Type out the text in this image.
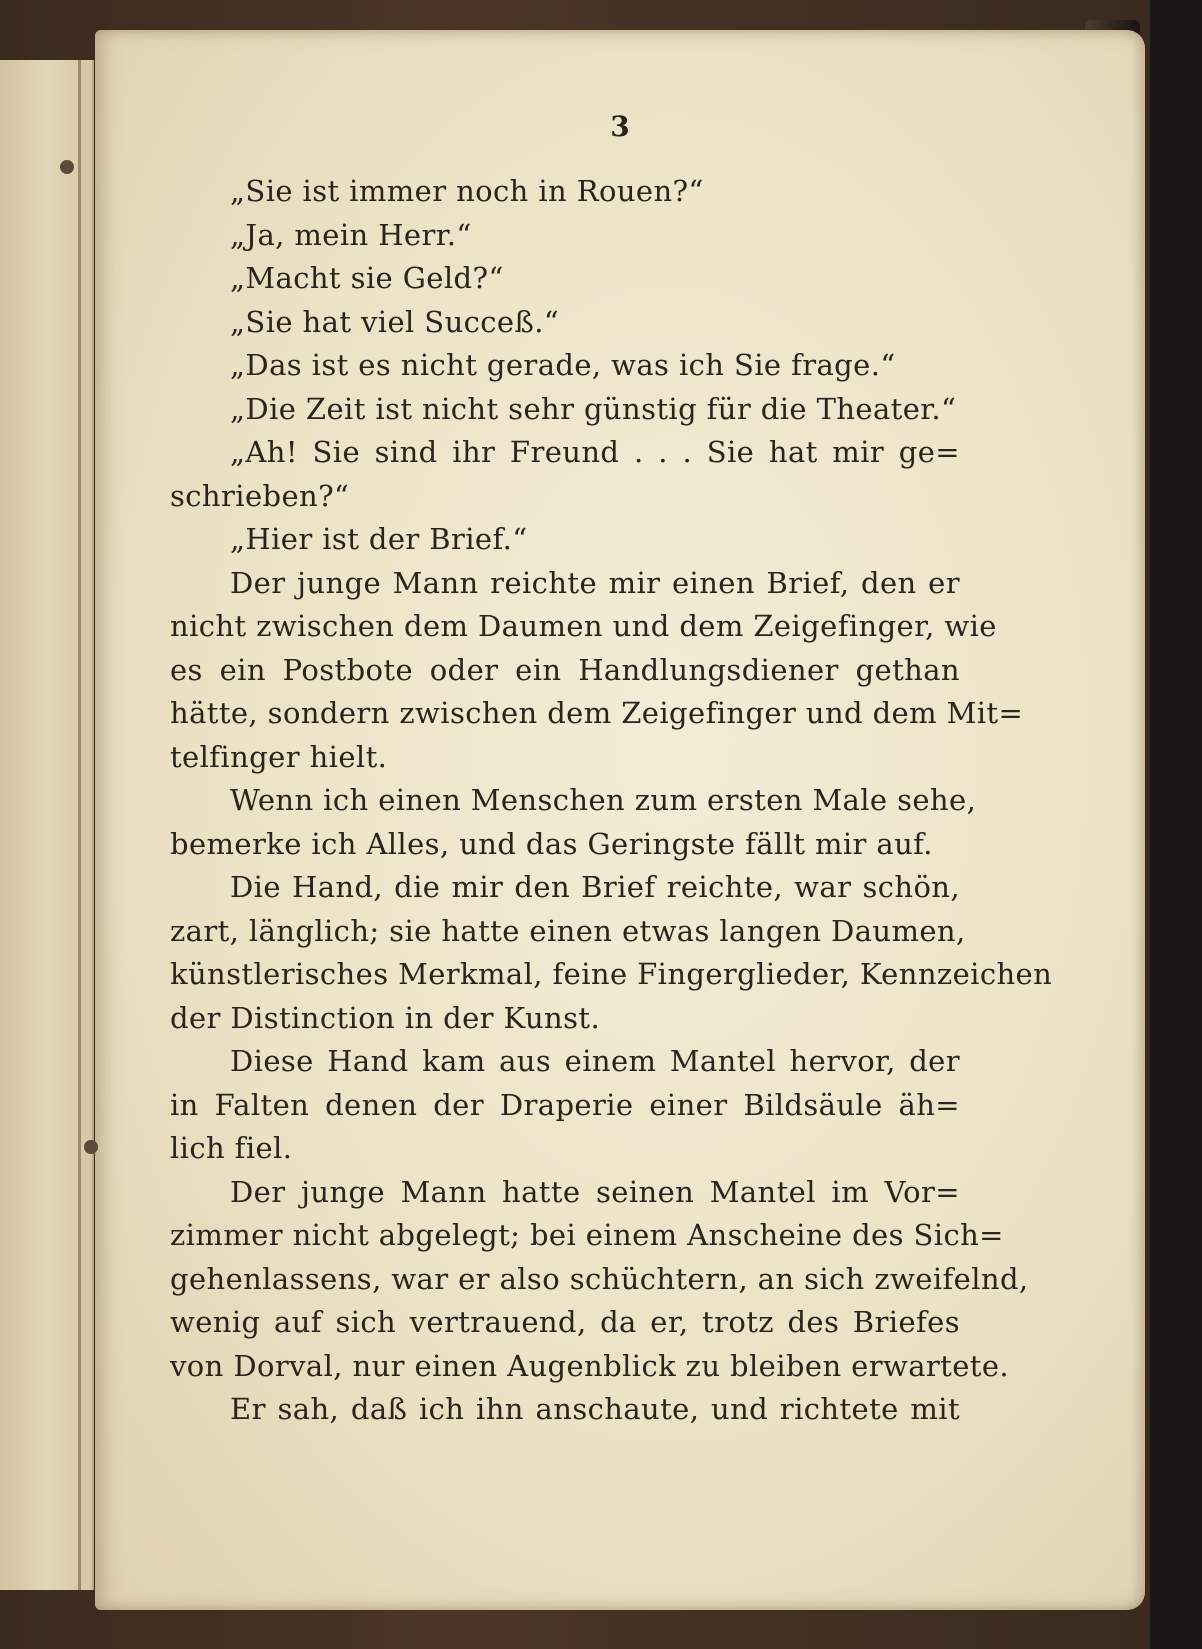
3
„Sie ist immer noch in Rouen?“
„Ja, mein Herr.“
„Macht sie Geld?“
„Sie hat viel Succeß.“
„Das ist es nicht gerade, was ich Sie frage.“
„Die Zeit ist nicht sehr günstig für die Theater.“
„Ah! Sie sind ihr Freund . . . Sie hat mir ge=
schrieben?“
„Hier ist der Brief.“
Der junge Mann reichte mir einen Brief, den er
nicht zwischen dem Daumen und dem Zeigefinger, wie
es ein Postbote oder ein Handlungsdiener gethan
hätte, sondern zwischen dem Zeigefinger und dem Mit=
telfinger hielt.
Wenn ich einen Menschen zum ersten Male sehe,
bemerke ich Alles, und das Geringste fällt mir auf.
Die Hand, die mir den Brief reichte, war schön,
zart, länglich; sie hatte einen etwas langen Daumen,
künstlerisches Merkmal, feine Fingerglieder, Kennzeichen
der Distinction in der Kunst.
Diese Hand kam aus einem Mantel hervor, der
in Falten denen der Draperie einer Bildsäule äh=
lich fiel.
Der junge Mann hatte seinen Mantel im Vor=
zimmer nicht abgelegt; bei einem Anscheine des Sich=
gehenlassens, war er also schüchtern, an sich zweifelnd,
wenig auf sich vertrauend, da er, trotz des Briefes
von Dorval, nur einen Augenblick zu bleiben erwartete.
Er sah, daß ich ihn anschaute, und richtete mit
